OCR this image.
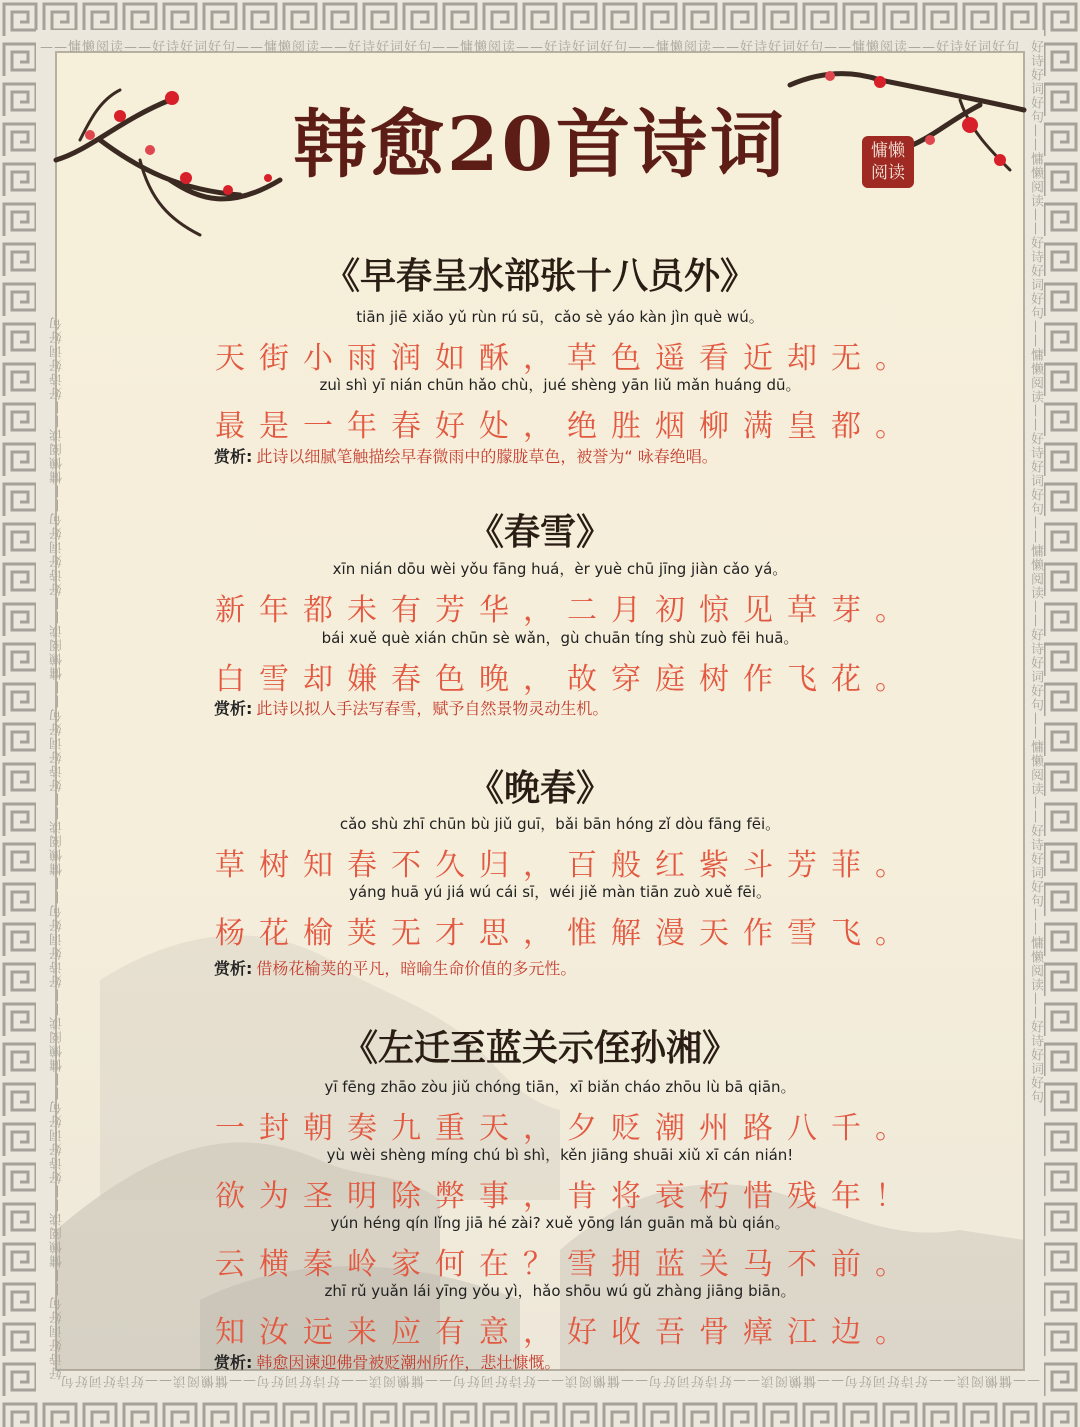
——慵懒阅读——好诗好词好句——慵懒阅读——好诗好词好句——慵懒阅读——好诗好词好句——慵懒阅读——好诗好词好句——慵懒阅读——好诗好词好句
——慵懒阅读——好诗好词好句——慵懒阅读——好诗好词好句——慵懒阅读——好诗好词好句——慵懒阅读——好诗好词好句——慵懒阅读——好诗好词好句
好诗好词好句——慵懒阅读——好诗好词好句——慵懒阅读——好诗好词好句——慵懒阅读——好诗好词好句——慵懒阅读——好诗好词好句——慵懒阅读——好诗好词好句	好诗好词好句——慵懒阅读——好诗好词好句——慵懒阅读——好诗好词好句——慵懒阅读——好诗好词好句——慵懒阅读——好诗好词好句——慵懒阅读——好诗好词好句
韩愈20首诗词	慵懒
阅读
《早春呈水部张十八员外》
tiān jiē xiǎo yǔ rùn rú sū，cǎo sè yáo kàn jìn què wú。
天 街 小 雨 润 如 酥 ， 草 色 遥 看 近 却 无 。
zuì shì yī nián chūn hǎo chù，jué shèng yān liǔ mǎn huáng dū。
最 是 一 年 春 好 处 ， 绝 胜 烟 柳 满 皇 都 。
赏析: 此诗以细腻笔触描绘早春微雨中的朦胧草色，被誉为“ 咏春绝唱。
《春雪》
xīn nián dōu wèi yǒu fāng huá，èr yuè chū jīng jiàn cǎo yá。
新 年 都 未 有 芳 华 ， 二 月 初 惊 见 草 芽 。
bái xuě què xián chūn sè wǎn，gù chuān tíng shù zuò fēi huā。
白 雪 却 嫌 春 色 晚 ， 故 穿 庭 树 作 飞 花 。
赏析: 此诗以拟人手法写春雪，赋予自然景物灵动生机。
《晚春》
cǎo shù zhī chūn bù jiǔ guī，bǎi bān hóng zǐ dòu fāng fēi。
草 树 知 春 不 久 归 ， 百 般 红 紫 斗 芳 菲 。
yáng huā yú jiá wú cái sī，wéi jiě màn tiān zuò xuě fēi。
杨 花 榆 荚 无 才 思 ， 惟 解 漫 天 作 雪 飞 。
赏析: 借杨花榆荚的平凡，暗喻生命价值的多元性。
《左迁至蓝关示侄孙湘》
yī fēng zhāo zòu jiǔ chóng tiān，xī biǎn cháo zhōu lù bā qiān。
一 封 朝 奏 九 重 天 ， 夕 贬 潮 州 路 八 千 。
yù wèi shèng míng chú bì shì，kěn jiāng shuāi xiǔ xī cán nián!
欲 为 圣 明 除 弊 事 ， 肯 将 衰 朽 惜 残 年 ！
yún héng qín lǐng jiā hé zài? xuě yōng lán guān mǎ bù qián。
云 横 秦 岭 家 何 在 ？ 雪 拥 蓝 关 马 不 前 。
zhī rǔ yuǎn lái yīng yǒu yì，hǎo shōu wú gǔ zhàng jiāng biān。
知 汝 远 来 应 有 意 ， 好 收 吾 骨 瘴 江 边 。
赏析: 韩愈因谏迎佛骨被贬潮州所作，悲壮慷慨。
